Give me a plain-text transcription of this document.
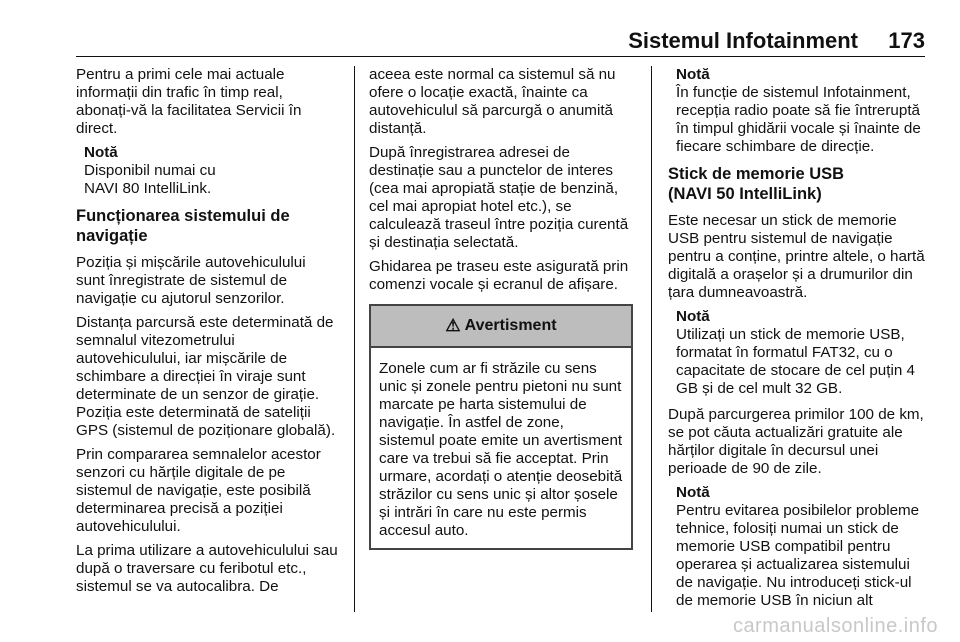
Sistemul Infotainment 173

Pentru a primi cele mai actuale informații din trafic în timp real, abonați-vă la facilitatea Servicii în direct.

Notă
Disponibil numai cu
NAVI 80 IntelliLink.
Funcționarea sistemului de
navigație

Poziția și mișcările autovehiculului sunt înregistrate de sistemul de navigație cu ajutorul senzorilor.

Distanța parcursă este determinată de semnalul vitezometrului autovehiculului, iar mișcările de schimbare a direcției în viraje sunt determinate de un senzor de girație. Poziția este determinată de sateliții GPS (sistemul de poziționare globală).

Prin compararea semnalelor acestor senzori cu hărțile digitale de pe sistemul de navigație, este posibilă determinarea precisă a poziției autovehiculului.

La prima utilizare a autovehiculului sau după o traversare cu feribotul etc., sistemul se va autocalibra. De

aceea este normal ca sistemul să nu ofere o locație exactă, înainte ca autovehiculul să parcurgă o anumită distanță.

După înregistrarea adresei de destinație sau a punctelor de interes (cea mai apropiată stație de benzină, cel mai apropiat hotel etc.), se calculează traseul între poziția curentă și destinația selectată.

Ghidarea pe traseu este asigurată prin comenzi vocale și ecranul de afișare.

⚠ Avertisment
Zonele cum ar fi străzile cu sens unic și zonele pentru pietoni nu sunt marcate pe harta sistemului de navigație. În astfel de zone, sistemul poate emite un avertisment care va trebui să fie acceptat. Prin urmare, acordați o atenție deosebită străzilor cu sens unic și altor șosele și intrări în care nu este permis accesul auto.
Notă
În funcție de sistemul Infotainment, recepția radio poate să fie întreruptă în timpul ghidării vocale și înainte de fiecare schimbare de direcție.
Stick de memorie USB
(NAVI 50 IntelliLink)

Este necesar un stick de memorie USB pentru sistemul de navigație pentru a conține, printre altele, o hartă digitală a orașelor și a drumurilor din țara dumneavoastră.

Notă
Utilizați un stick de memorie USB, formatat în formatul FAT32, cu o capacitate de stocare de cel puțin 4 GB și de cel mult 32 GB.

După parcurgerea primilor 100 de km, se pot căuta actualizări gratuite ale hărților digitale în decursul unei perioade de 90 de zile.

Notă
Pentru evitarea posibilelor probleme tehnice, folosiți numai un stick de memorie USB compatibil pentru operarea și actualizarea sistemului de navigație. Nu introduceți stick-ul de memorie USB în niciun alt
carmanualsonline.info
